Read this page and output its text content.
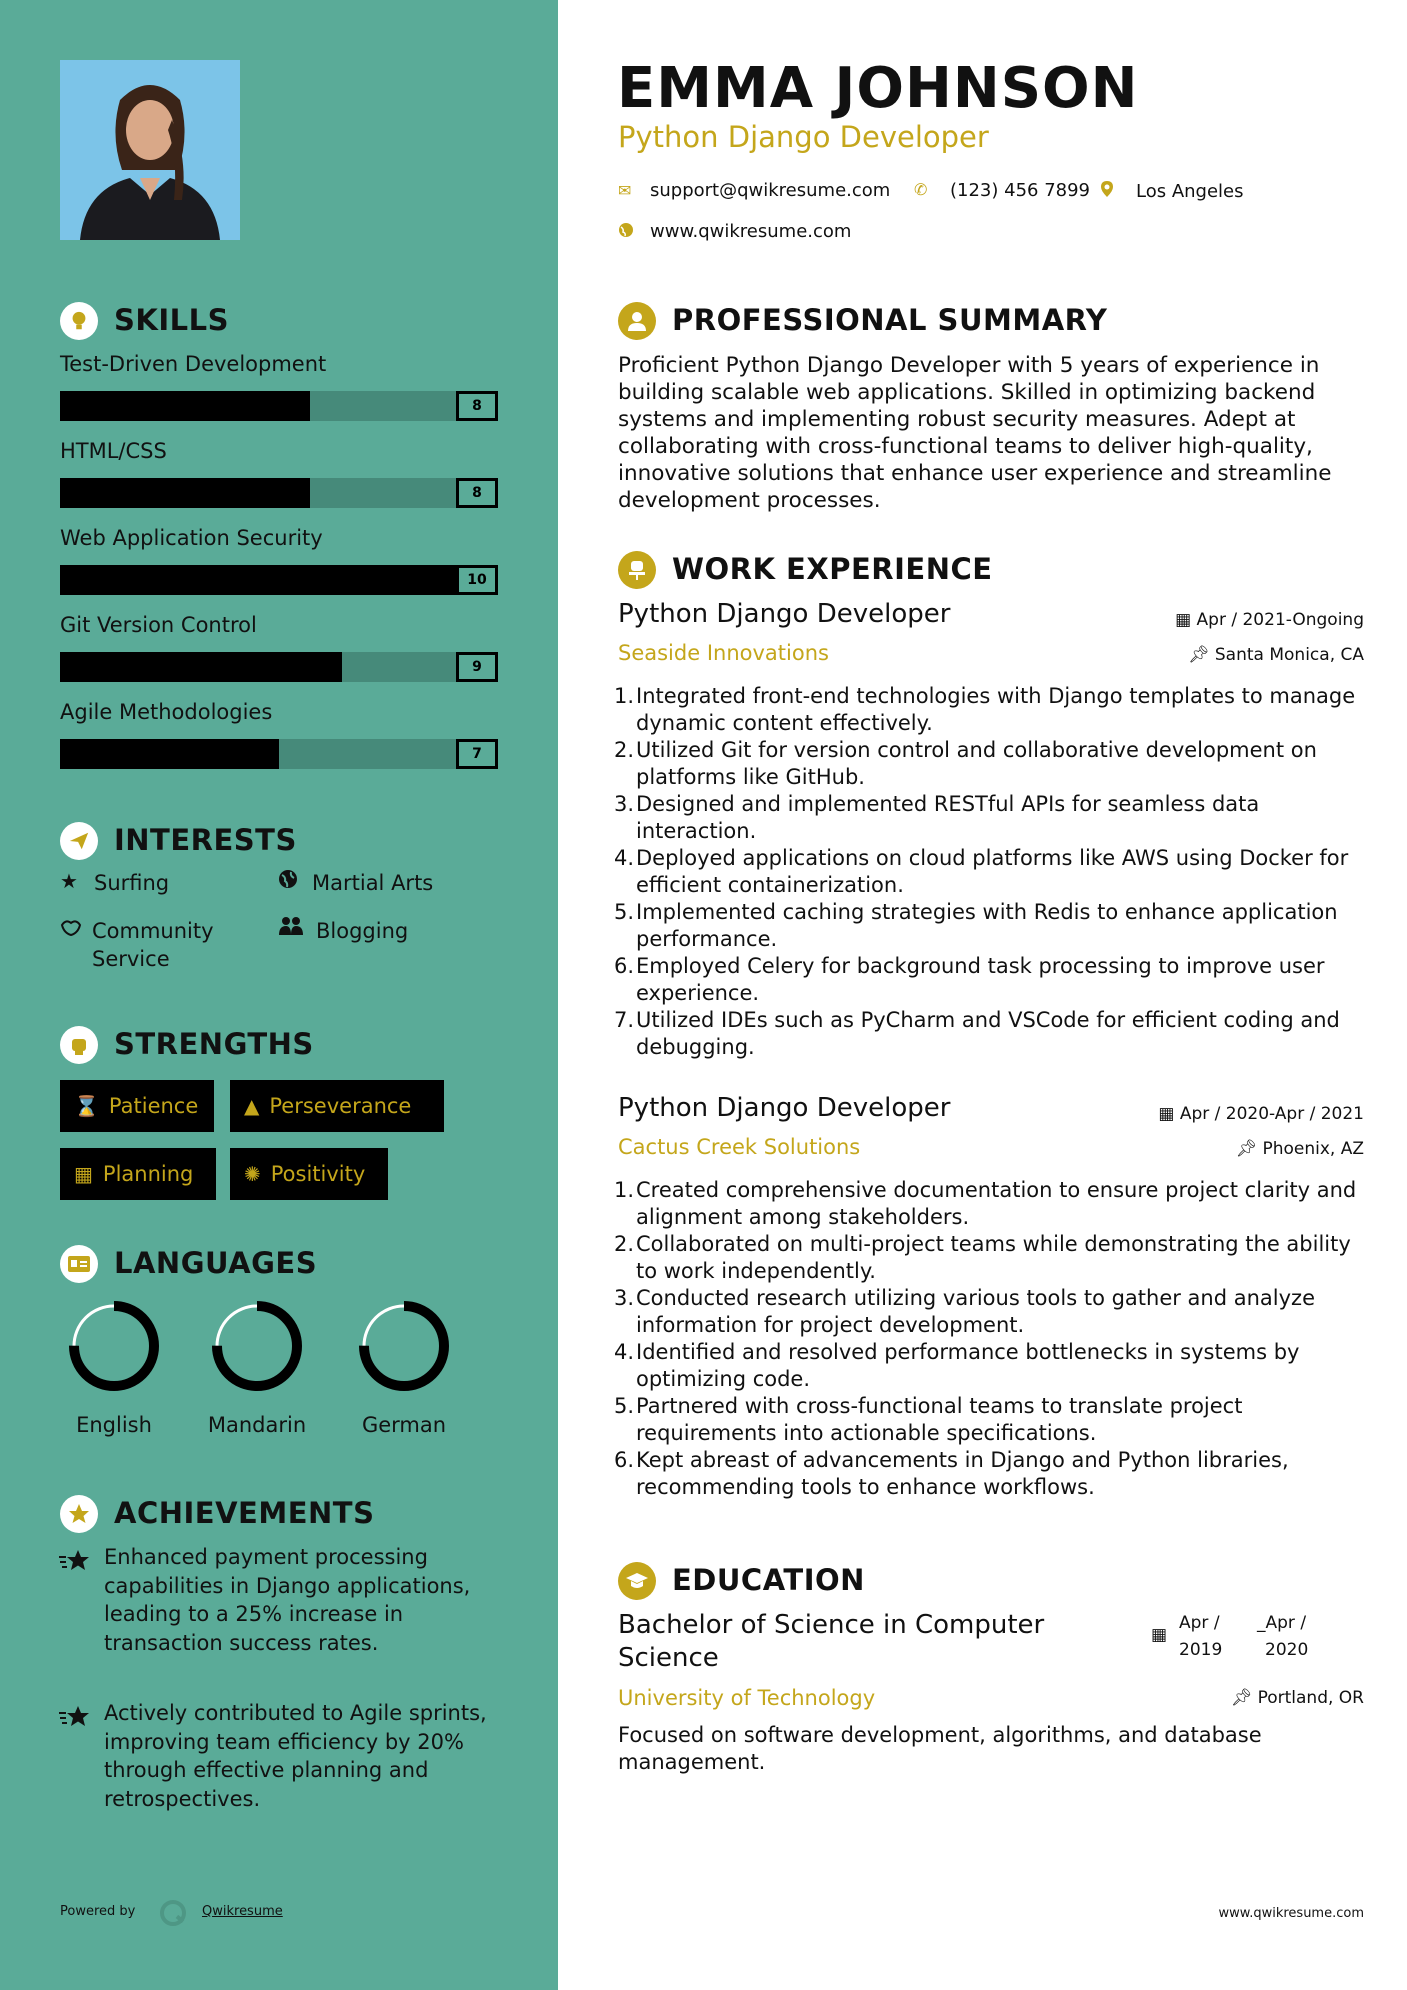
SKILLS
Test-Driven Development
8
HTML/CSS
8
Web Application Security
10
Git Version Control
9
Agile Methodologies
7
INTERESTS
★ Surfing	Martial Arts
Community Service
Blogging
STRENGTHS
⌛ Patience ▲ Perseverance
▦ Planning	✺ Positivity
LANGUAGES
English	Mandarin	German
ACHIEVEMENTS
Enhanced payment processing capabilities in Django applications, leading to a 25% increase in transaction success rates.
Actively contributed to Agile sprints, improving team efficiency by 20% through effective planning and retrospectives.
Powered by	Qwikresume
EMMA JOHNSON
Python Django Developer
✉ support@qwikresume.com ✆ (123) 456 7899	Los Angeles
www.qwikresume.com
PROFESSIONAL SUMMARY
Proficient Python Django Developer with 5 years of experience in building scalable web applications. Skilled in optimizing backend systems and implementing robust security measures. Adept at collaborating with cross-functional teams to deliver high-quality, innovative solutions that enhance user experience and streamline development processes.
WORK EXPERIENCE
Python Django Developer
Seaside Innovations
▦ Apr / 2021-Ongoing
📌︎ Santa Monica, CA
1. Integrated front-end technologies with Django templates to manage dynamic content effectively.
2. Utilized Git for version control and collaborative development on platforms like GitHub.
3. Designed and implemented RESTful APIs for seamless data interaction.
4. Deployed applications on cloud platforms like AWS using Docker for efficient containerization.
5. Implemented caching strategies with Redis to enhance application performance.
6. Employed Celery for background task processing to improve user experience.
7. Utilized IDEs such as PyCharm and VSCode for efficient coding and debugging.
Python Django Developer
Cactus Creek Solutions
▦ Apr / 2020-Apr / 2021
📌︎ Phoenix, AZ
1. Created comprehensive documentation to ensure project clarity and alignment among stakeholders.
2. Collaborated on multi-project teams while demonstrating the ability to work independently.
3. Conducted research utilizing various tools to gather and analyze information for project development.
4. Identified and resolved performance bottlenecks in systems by optimizing code.
5. Partnered with cross-functional teams to translate project requirements into actionable specifications.
6. Kept abreast of advancements in Django and Python libraries, recommending tools to enhance workflows.
EDUCATION
Bachelor of Science in Computer
Science
University of Technology
▦
Apr /
2019
_Apr /
2020
📌︎ Portland, OR
Focused on software development, algorithms, and database management.
www.qwikresume.com
